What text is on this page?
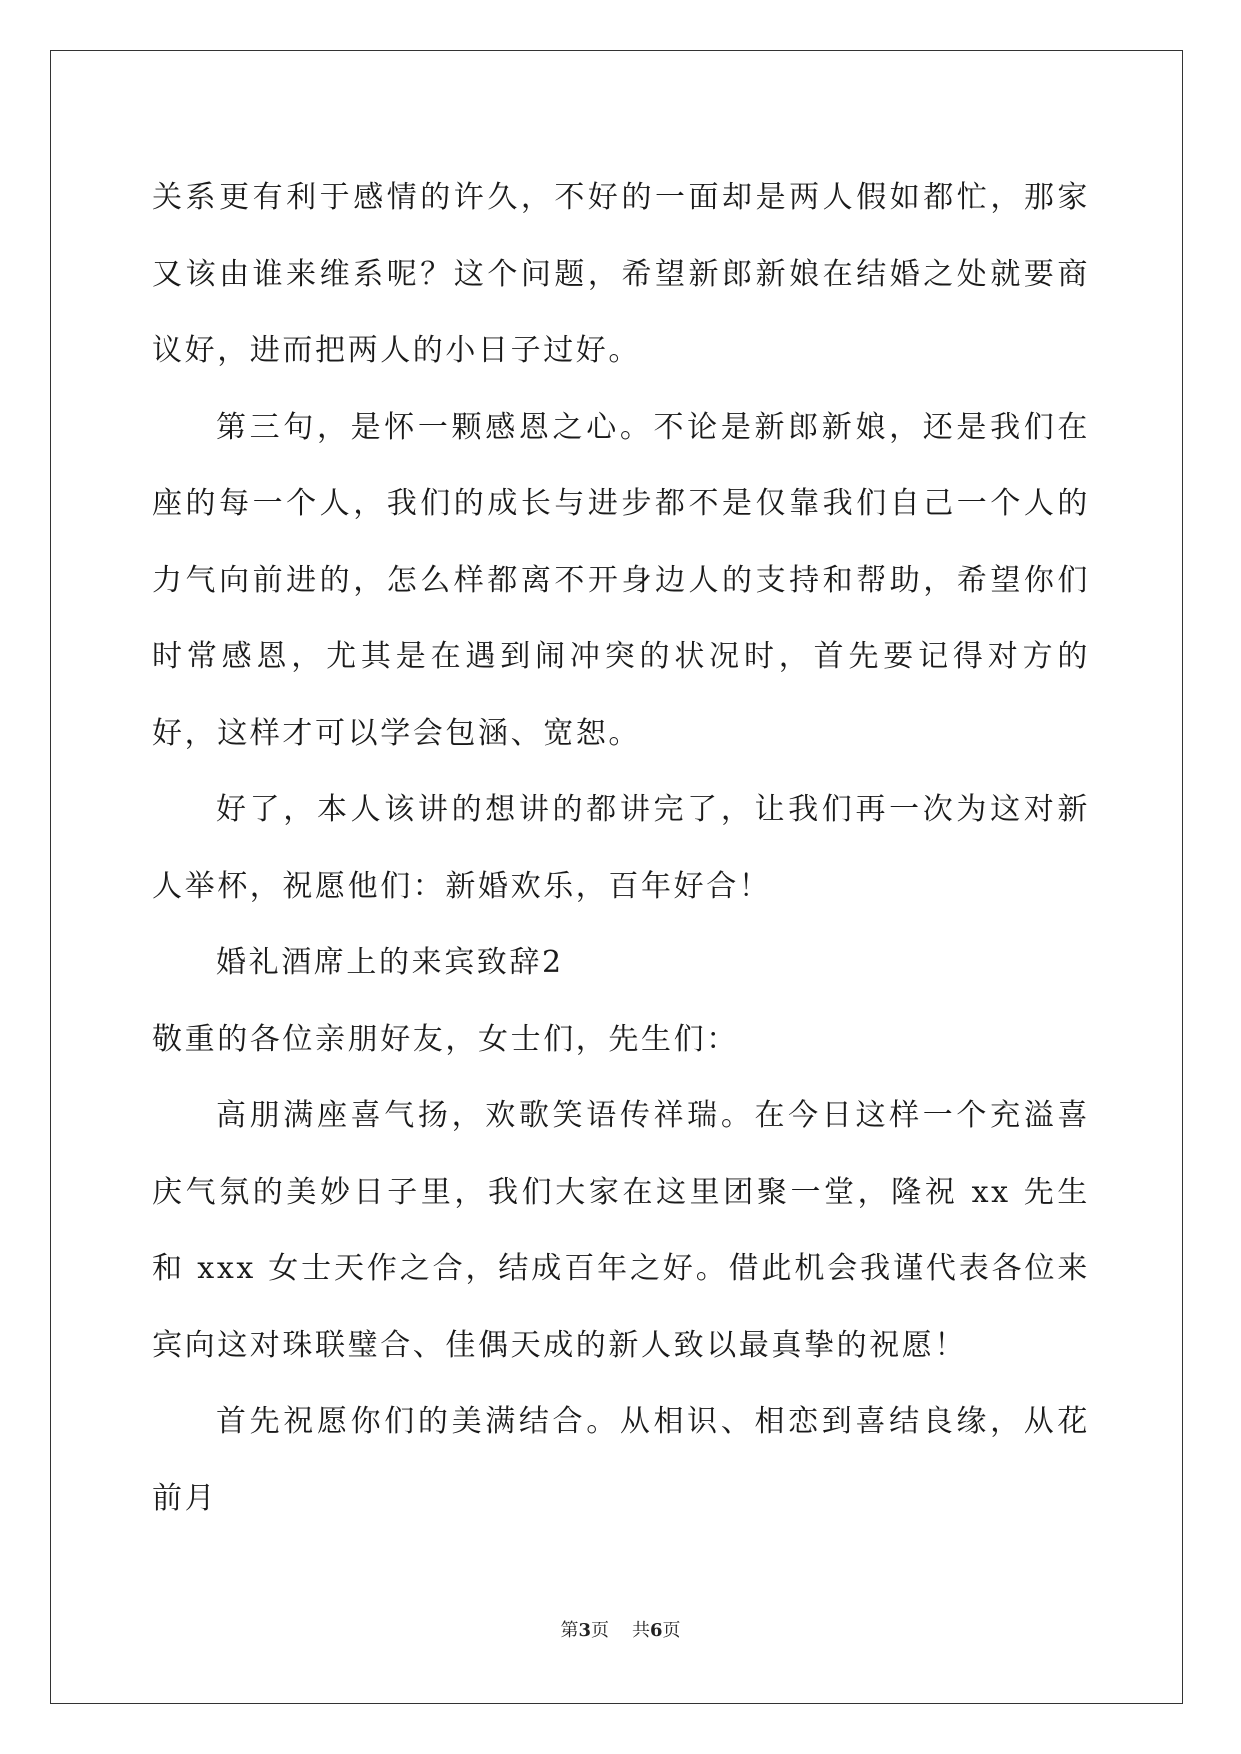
关系更有利于感情的许久，不好的一面却是两人假如都忙，那家又该由谁来维系呢？这个问题，希望新郎新娘在结婚之处就要商议好，进而把两人的小日子过好。

第三句，是怀一颗感恩之心。不论是新郎新娘，还是我们在座的每一个人，我们的成长与进步都不是仅靠我们自己一个人的力气向前进的，怎么样都离不开身边人的支持和帮助，希望你们时常感恩，尤其是在遇到闹冲突的状况时，首先要记得对方的好，这样才可以学会包涵、宽恕。

好了，本人该讲的想讲的都讲完了，让我们再一次为这对新人举杯，祝愿他们：新婚欢乐，百年好合！

婚礼酒席上的来宾致辞2

敬重的各位亲朋好友，女士们，先生们：

高朋满座喜气扬，欢歌笑语传祥瑞。在今日这样一个充溢喜庆气氛的美妙日子里，我们大家在这里团聚一堂，隆祝 xx 先生和 xxx 女士天作之合，结成百年之好。借此机会我谨代表各位来宾向这对珠联璧合、佳偶天成的新人致以最真挚的祝愿！

首先祝愿你们的美满结合。从相识、相恋到喜结良缘，从花前月

第3页 共6页
